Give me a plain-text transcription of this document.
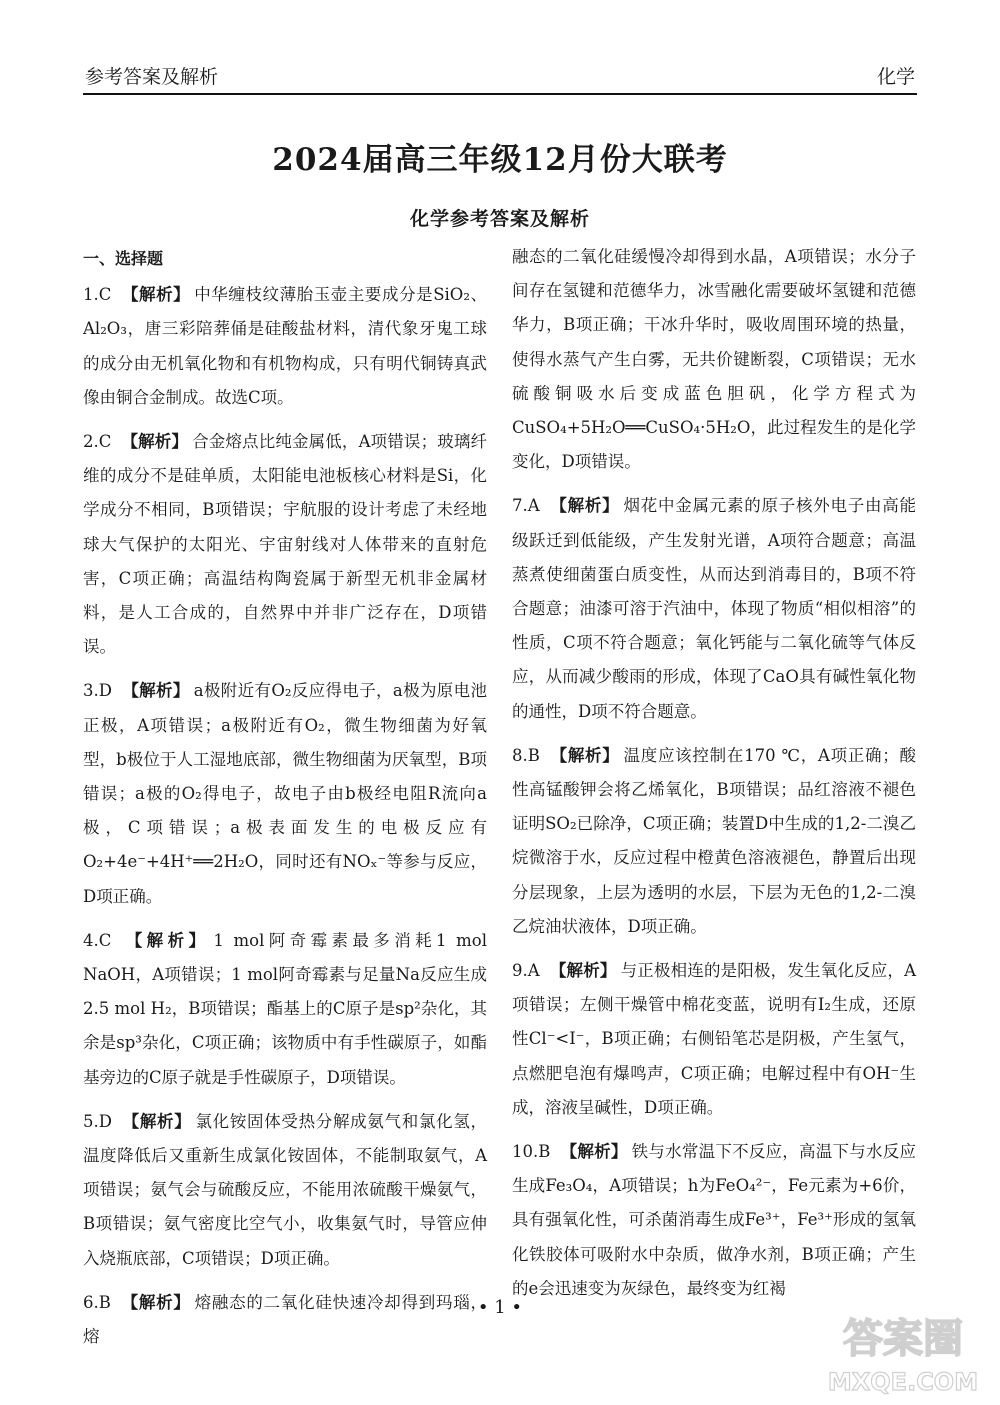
参考答案及解析	化学
2024届高三年级12月份大联考
化学参考答案及解析
一、选择题
1.C 【解析】 中华缠枝纹薄胎玉壶主要成分是SiO₂、Al₂O₃，唐三彩陪葬俑是硅酸盐材料，清代象牙鬼工球的成分由无机氧化物和有机物构成，只有明代铜铸真武像由铜合金制成。故选C项。
2.C 【解析】 合金熔点比纯金属低，A项错误；玻璃纤维的成分不是硅单质，太阳能电池板核心材料是Si，化学成分不相同，B项错误；宇航服的设计考虑了未经地球大气保护的太阳光、宇宙射线对人体带来的直射危害，C项正确；高温结构陶瓷属于新型无机非金属材料，是人工合成的，自然界中并非广泛存在，D项错误。
3.D 【解析】 a极附近有O₂反应得电子，a极为原电池正极，A项错误；a极附近有O₂，微生物细菌为好氧型，b极位于人工湿地底部，微生物细菌为厌氧型，B项错误；a极的O₂得电子，故电子由b极经电阻R流向a极，C项错误；a极表面发生的电极反应有O₂+4e⁻+4H⁺══2H₂O，同时还有NOₓ⁻等参与反应，D项正确。
4.C 【解析】 1 mol阿奇霉素最多消耗1 mol NaOH，A项错误；1 mol阿奇霉素与足量Na反应生成2.5 mol H₂，B项错误；酯基上的C原子是sp²杂化，其余是sp³杂化，C项正确；该物质中有手性碳原子，如酯基旁边的C原子就是手性碳原子，D项错误。
5.D 【解析】 氯化铵固体受热分解成氨气和氯化氢，温度降低后又重新生成氯化铵固体，不能制取氨气，A项错误；氨气会与硫酸反应，不能用浓硫酸干燥氨气，B项错误；氨气密度比空气小，收集氨气时，导管应伸入烧瓶底部，C项错误；D项正确。
6.B 【解析】 熔融态的二氧化硅快速冷却得到玛瑙，熔
融态的二氧化硅缓慢冷却得到水晶，A项错误；水分子间存在氢键和范德华力，冰雪融化需要破坏氢键和范德华力，B项正确；干冰升华时，吸收周围环境的热量，使得水蒸气产生白雾，无共价键断裂，C项错误；无水硫酸铜吸水后变成蓝色胆矾，化学方程式为CuSO₄+5H₂O══CuSO₄·5H₂O，此过程发生的是化学变化，D项错误。
7.A 【解析】 烟花中金属元素的原子核外电子由高能级跃迁到低能级，产生发射光谱，A项符合题意；高温蒸煮使细菌蛋白质变性，从而达到消毒目的，B项不符合题意；油漆可溶于汽油中，体现了物质“相似相溶”的性质，C项不符合题意；氧化钙能与二氧化硫等气体反应，从而减少酸雨的形成，体现了CaO具有碱性氧化物的通性，D项不符合题意。
8.B 【解析】 温度应该控制在170 ℃，A项正确；酸性高锰酸钾会将乙烯氧化，B项错误；品红溶液不褪色证明SO₂已除净，C项正确；装置D中生成的1,2-二溴乙烷微溶于水，反应过程中橙黄色溶液褪色，静置后出现分层现象，上层为透明的水层，下层为无色的1,2-二溴乙烷油状液体，D项正确。
9.A 【解析】 与正极相连的是阳极，发生氧化反应，A项错误；左侧干燥管中棉花变蓝，说明有I₂生成，还原性Cl⁻<I⁻，B项正确；右侧铅笔芯是阴极，产生氢气，点燃肥皂泡有爆鸣声，C项正确；电解过程中有OH⁻生成，溶液呈碱性，D项正确。
10.B 【解析】 铁与水常温下不反应，高温下与水反应生成Fe₃O₄，A项错误；h为FeO₄²⁻，Fe元素为+6价，具有强氧化性，可杀菌消毒生成Fe³⁺，Fe³⁺形成的氢氧化铁胶体可吸附水中杂质，做净水剂，B项正确；产生的e会迅速变为灰绿色，最终变为红褐
• 1 •
答案圈
MXQE.COM
